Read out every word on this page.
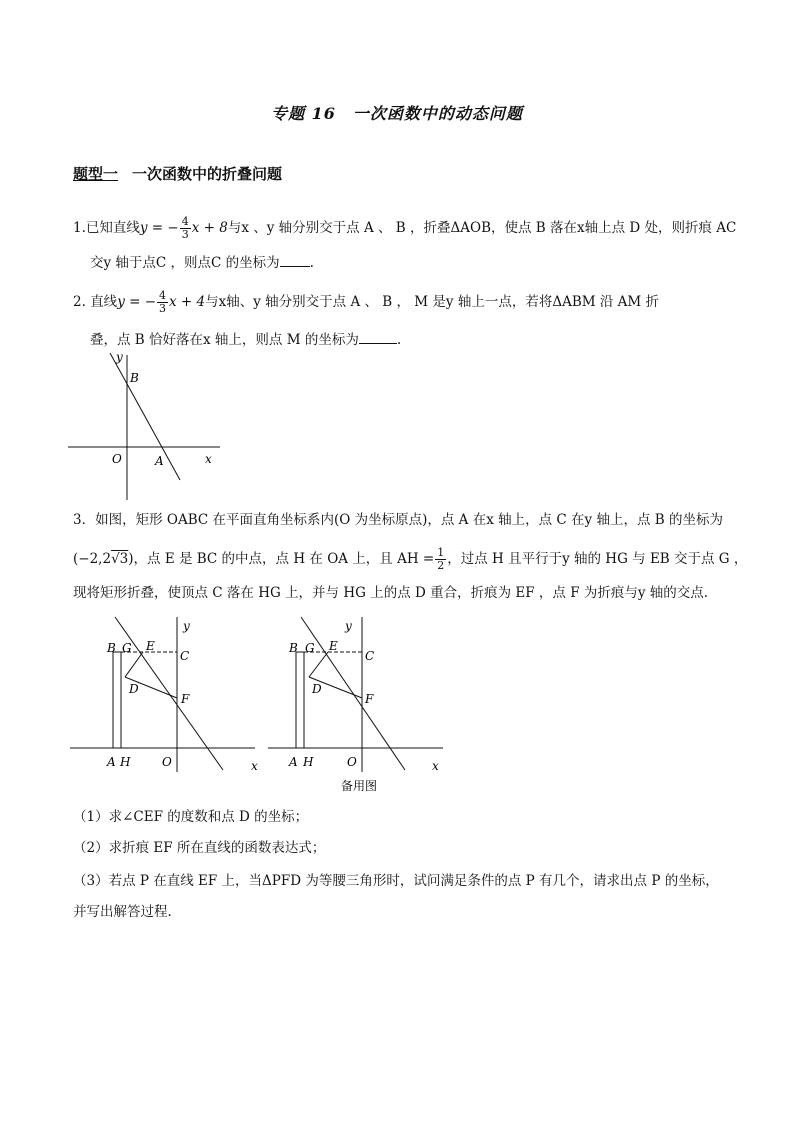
专题 16　一次函数中的动态问题
题型一 一次函数中的折叠问题
1.已知直线y = − $\frac{4}{3}$ x + 8与x 、y 轴分别交于点 A 、 B ，折叠ΔAOB，使点 B 落在x轴上点 D 处，则折痕 AC
交y 轴于点C ，则点C 的坐标为 .
2. 直线y = − $\frac{4}{3}$ x + 4与x轴、y 轴分别交于点 A 、 B ， M 是y 轴上一点，若将ΔABM 沿 AM 折
叠，点 B 恰好落在x 轴上，则点 M 的坐标为	.
y
B
O	A	x
3．如图，矩形 OABC 在平面直角坐标系内(O 为坐标原点)，点 A 在x 轴上，点 C 在y 轴上，点 B 的坐标为
(−2,2√3)，点 E 是 BC 的中点，点 H 在 OA 上，且 AH = $\frac{1}{2}$ ，过点 H 且平行于y 轴的 HG 与 EB 交于点 G ，
现将矩形折叠，使顶点 C 落在 HG 上，并与 HG 上的点 D 重合，折痕为 EF ，点 F 为折痕与y 轴的交点.
B G E
C
D
F
A H	O	x
y
B G E
C
D
F
A H	O	x
y
备用图
（1）求∠CEF 的度数和点 D 的坐标；
（2）求折痕 EF 所在直线的函数表达式；
（3）若点 P 在直线 EF 上，当ΔPFD 为等腰三角形时，试问满足条件的点 P 有几个，请求出点 P 的坐标，
并写出解答过程.
